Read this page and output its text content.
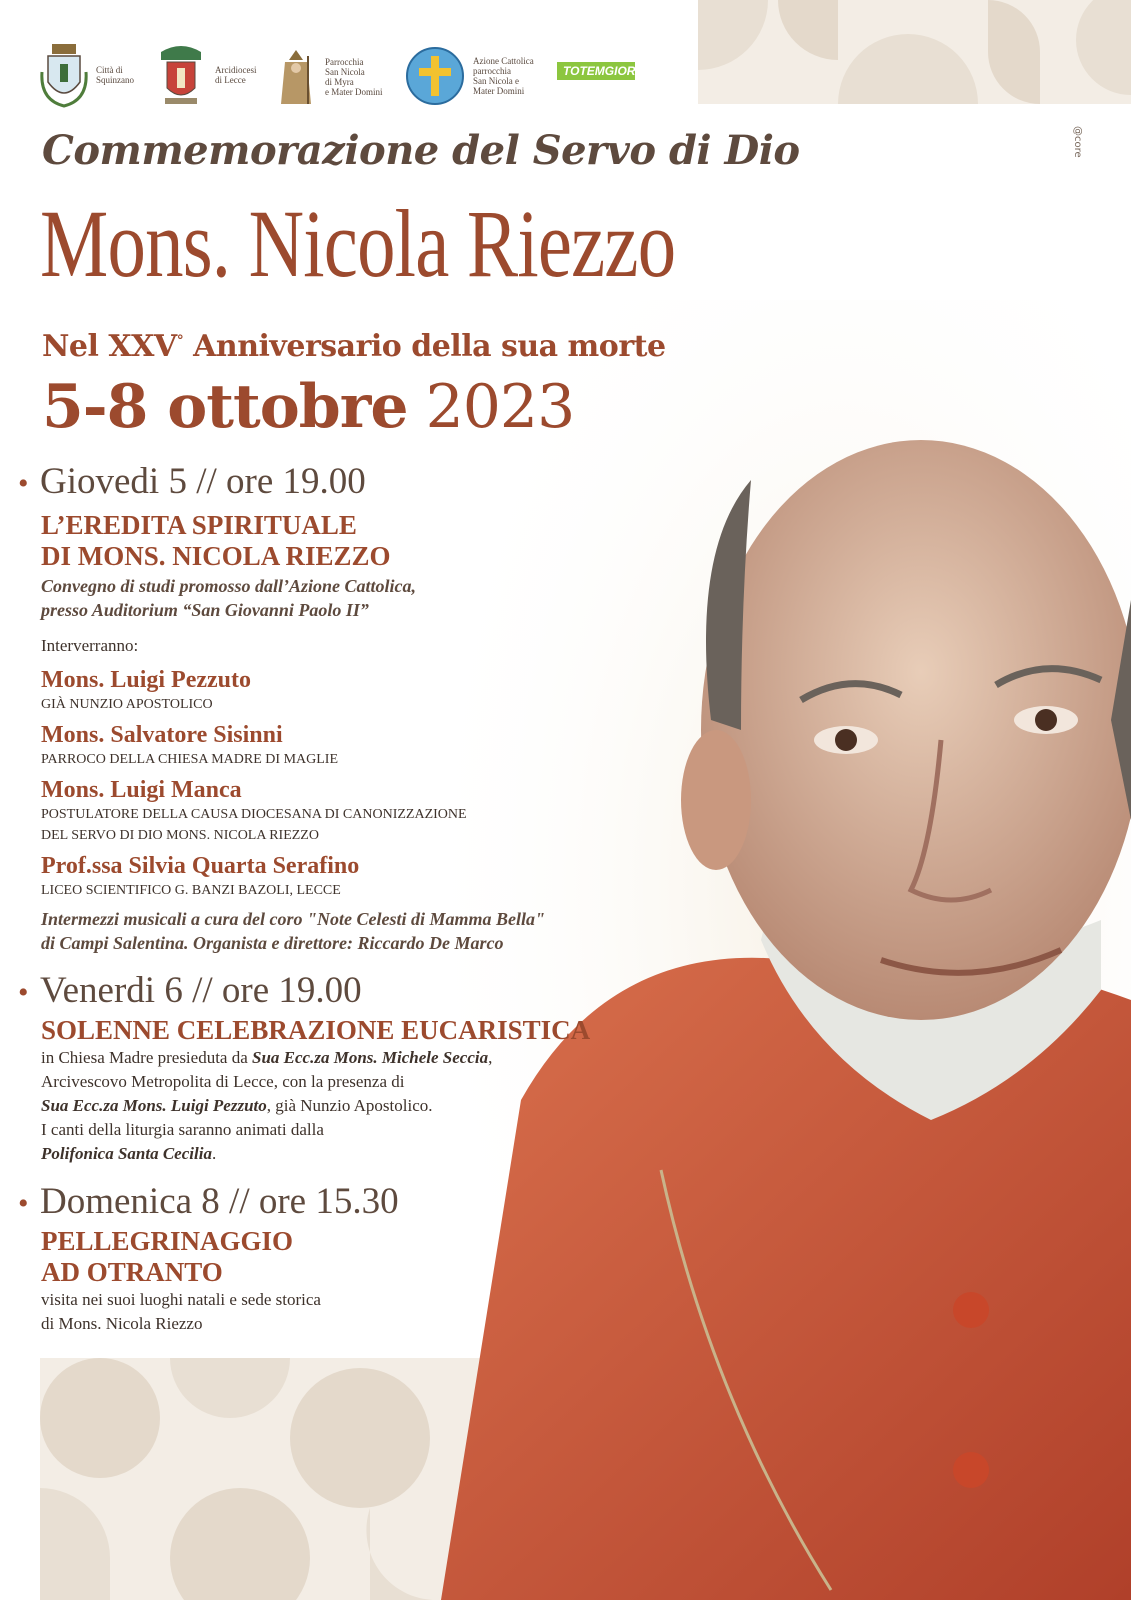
Città di
Squinzano
Arcidiocesi
di Lecce
Parrocchia
San Nicola
di Myra
e Mater Domini
Azione Cattolica
parrocchia
San Nicola e
Mater Domini
TOTEMGIORNALE
@core
Commemorazione del Servo di Dio
Mons. Nicola Riezzo
Nel XXV° Anniversario della sua morte
5-8 ottobre 2023
• Giovedi 5 // ore 19.00
L’EREDITA SPIRITUALE
DI MONS. NICOLA RIEZZO
Convegno di studi promosso dall’Azione Cattolica,
presso Auditorium “San Giovanni Paolo II”
Interverranno:
Mons. Luigi Pezzuto
GIÀ NUNZIO APOSTOLICO
Mons. Salvatore Sisinni
PARROCO DELLA CHIESA MADRE DI MAGLIE
Mons. Luigi Manca
POSTULATORE DELLA CAUSA DIOCESANA DI CANONIZZAZIONE
DEL SERVO DI DIO MONS. NICOLA RIEZZO
Prof.ssa Silvia Quarta Serafino
LICEO SCIENTIFICO G. BANZI BAZOLI, LECCE
Intermezzi musicali a cura del coro "Note Celesti di Mamma Bella"
di Campi Salentina. Organista e direttore: Riccardo De Marco
• Venerdi 6 // ore 19.00
SOLENNE CELEBRAZIONE EUCARISTICA
in Chiesa Madre presieduta da Sua Ecc.za Mons. Michele Seccia,
Arcivescovo Metropolita di Lecce, con la presenza di
Sua Ecc.za Mons. Luigi Pezzuto, già Nunzio Apostolico.
I canti della liturgia saranno animati dalla
Polifonica Santa Cecilia.
• Domenica 8 // ore 15.30
PELLEGRINAGGIO
AD OTRANTO
visita nei suoi luoghi natali e sede storica
di Mons. Nicola Riezzo
